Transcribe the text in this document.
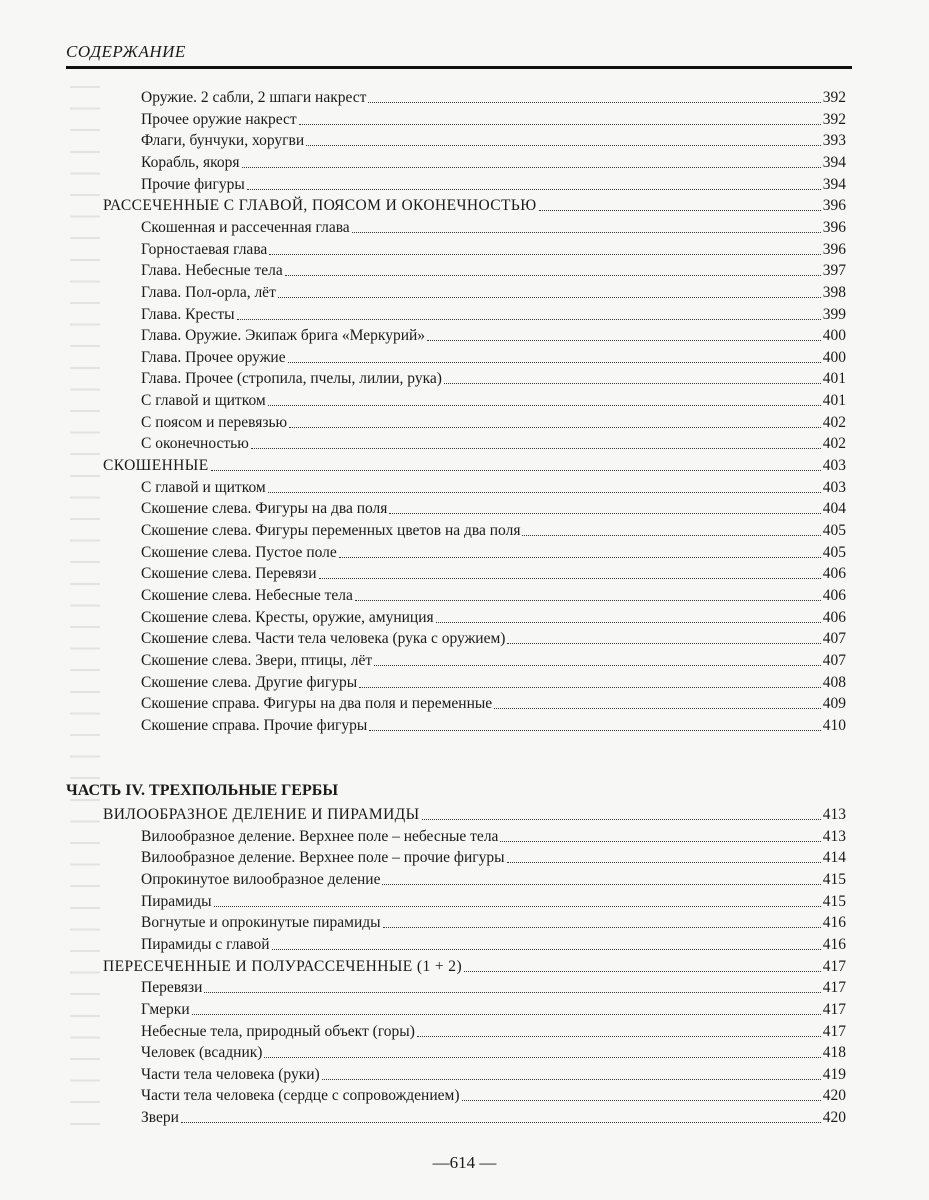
СОДЕРЖАНИЕ
Оружие. 2 сабли, 2 шпаги накрест	392
Прочее оружие накрест	392
Флаги, бунчуки, хоругви	393
Корабль, якоря	394
Прочие фигуры	394
РАССЕЧЕННЫЕ С ГЛАВОЙ, ПОЯСОМ И ОКОНЕЧНОСТЬЮ	396
Скошенная и рассеченная глава	396
Горностаевая глава	396
Глава. Небесные тела	397
Глава. Пол-орла, лёт	398
Глава. Кресты	399
Глава. Оружие. Экипаж брига «Меркурий»	400
Глава. Прочее оружие	400
Глава. Прочее (стропила, пчелы, лилии, рука)	401
С главой и щитком	401
С поясом и перевязью	402
С оконечностью	402
СКОШЕННЫЕ	403
С главой и щитком	403
Скошение слева. Фигуры на два поля	404
Скошение слева. Фигуры переменных цветов на два поля	405
Скошение слева. Пустое поле	405
Скошение слева. Перевязи	406
Скошение слева. Небесные тела	406
Скошение слева. Кресты, оружие, амуниция	406
Скошение слева. Части тела человека (рука с оружием)	407
Скошение слева. Звери, птицы, лёт	407
Скошение слева. Другие фигуры	408
Скошение справа. Фигуры на два поля и переменные	409
Скошение справа. Прочие фигуры	410
ЧАСТЬ IV. ТРЕХПОЛЬНЫЕ ГЕРБЫ
ВИЛООБРАЗНОЕ ДЕЛЕНИЕ И ПИРАМИДЫ	413
Вилообразное деление. Верхнее поле – небесные тела	413
Вилообразное деление. Верхнее поле – прочие фигуры	414
Опрокинутое вилообразное деление	415
Пирамиды	415
Вогнутые и опрокинутые пирамиды	416
Пирамиды с главой	416
ПЕРЕСЕЧЕННЫЕ И ПОЛУРАССЕЧЕННЫЕ (1 + 2)	417
Перевязи	417
Гмерки	417
Небесные тела, природный объект (горы)	417
Человек (всадник)	418
Части тела человека (руки)	419
Части тела человека (сердце с сопровождением)	420
Звери	420
—614 —
